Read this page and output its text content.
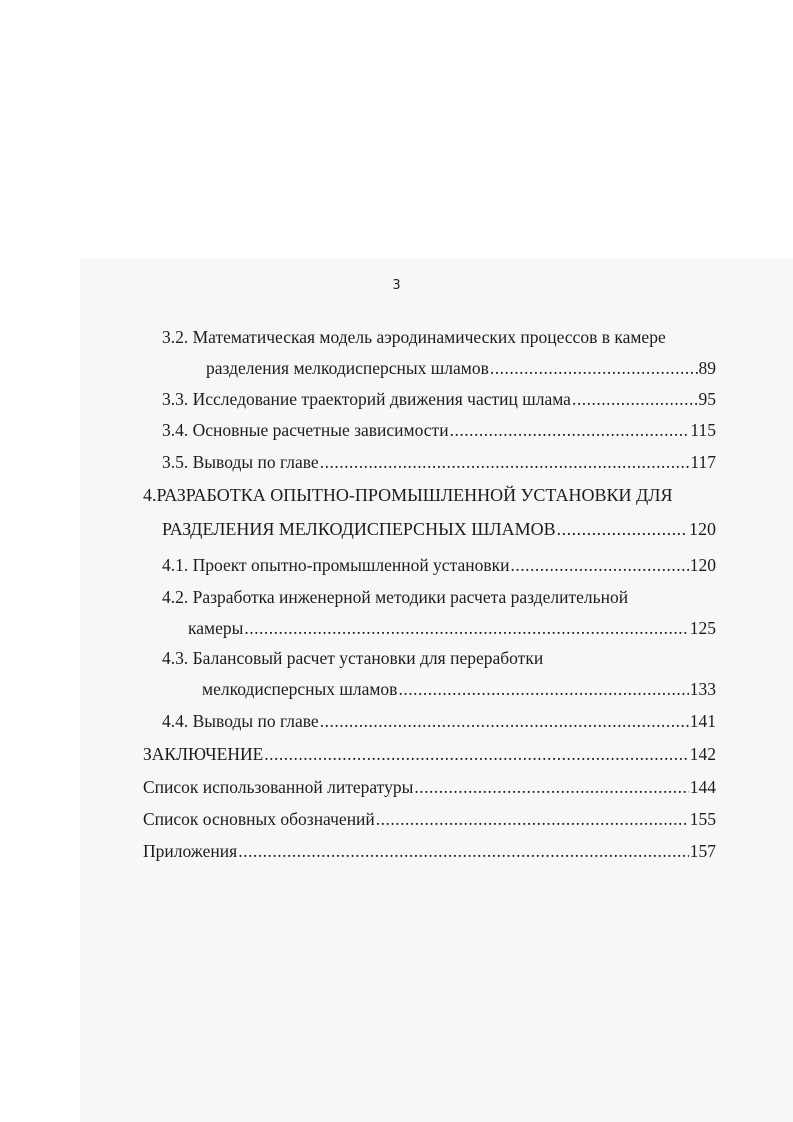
3
3.2. Математическая модель аэродинамических процессов в камере
разделения мелкодисперсных шламов .....	89
3.3. Исследование траекторий движения частиц шлама .....	95
3.4. Основные расчетные зависимости .....	115
3.5. Выводы по главе .....	117
4.РАЗРАБОТКА ОПЫТНО-ПРОМЫШЛЕННОЙ УСТАНОВКИ ДЛЯ
РАЗДЕЛЕНИЯ МЕЛКОДИСПЕРСНЫХ ШЛАМОВ .....	120
4.1. Проект опытно-промышленной установки .....	120
4.2. Разработка инженерной методики расчета разделительной
камеры .....	125
4.3. Балансовый расчет установки для переработки
мелкодисперсных шламов .....	133
4.4. Выводы по главе .....	141
ЗАКЛЮЧЕНИЕ .....	142
Список использованной литературы .....	144
Список основных обозначений .....	155
Приложения .....	157
